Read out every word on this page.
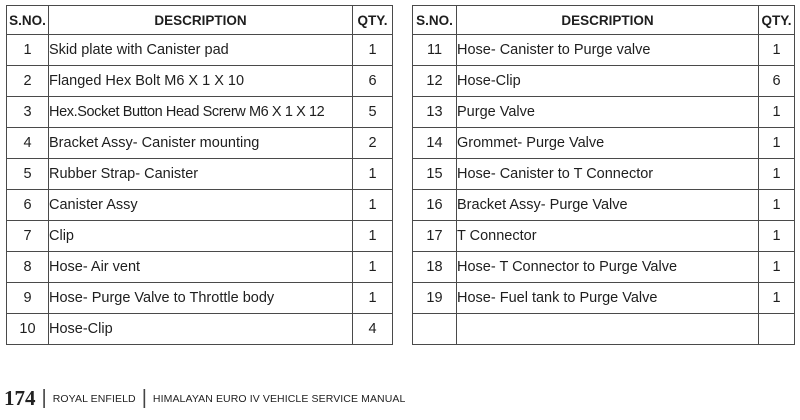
S.NO.	DESCRIPTION	QTY.
1	Skid plate with Canister pad	1
2	Flanged Hex Bolt M6 X 1 X 10	6
3	Hex.Socket Button Head Screrw M6 X 1 X 12	5
4	Bracket Assy- Canister mounting	2
5	Rubber Strap- Canister	1
6	Canister Assy	1
7	Clip	1
8	Hose- Air vent	1
9	Hose- Purge Valve to Throttle body	1
10	Hose-Clip	4
S.NO.	DESCRIPTION	QTY.
11	Hose- Canister to Purge valve	1
12	Hose-Clip	6
13	Purge Valve	1
14	Grommet- Purge Valve	1
15	Hose- Canister to T Connector	1
16	Bracket Assy- Purge Valve	1
17	T Connector	1
18	Hose- T Connector to Purge Valve	1
19	Hose- Fuel tank to Purge Valve	1

174 | ROYAL ENFIELD | HIMALAYAN EURO IV VEHICLE SERVICE MANUAL
